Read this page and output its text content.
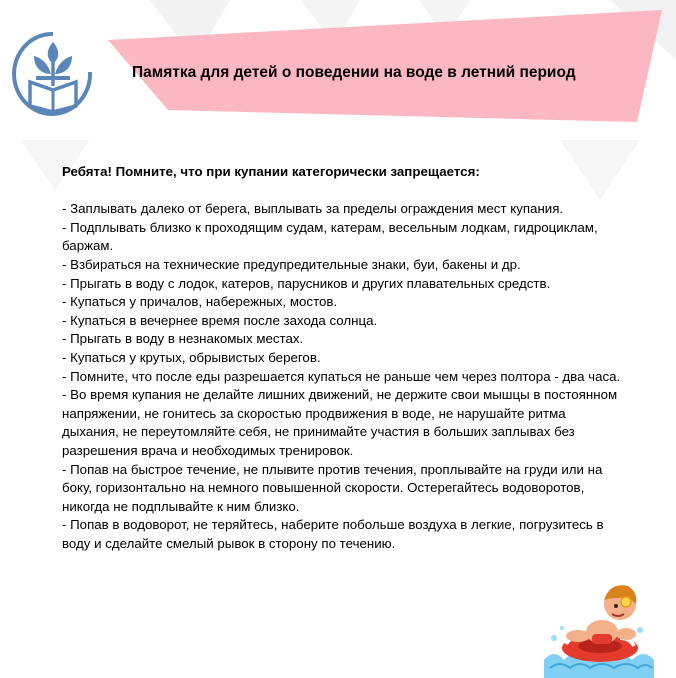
Памятка для детей о поведении на воде в летний период

Ребята! Помните, что при купании категорически запрещается:

- Заплывать далеко от берега, выплывать за пределы ограждения мест купания.

- Подплывать близко к проходящим судам, катерам, весельным лодкам, гидроциклам, баржам.

- Взбираться на технические предупредительные знаки, буи, бакены и др.

- Прыгать в воду с лодок, катеров, парусников и других плавательных средств.

- Купаться у причалов, набережных, мостов.

- Купаться в вечернее время после захода солнца.

- Прыгать в воду в незнакомых местах.

- Купаться у крутых, обрывистых берегов.

- Помните, что после еды разрешается купаться не раньше чем через полтора - два часа.

- Во время купания не делайте лишних движений, не держите свои мышцы в постоянном напряжении, не гонитесь за скоростью продвижения в воде, не нарушайте ритма дыхания, не переутомляйте себя, не принимайте участия в больших заплывах без разрешения врача и необходимых тренировок.

- Попав на быстрое течение, не плывите против течения, проплывайте на груди или на боку, горизонтально на немного повышенной скорости. Остерегайтесь водоворотов, никогда не подплывайте к ним близко.

- Попав в водоворот, не теряйтесь, наберите побольше воздуха в легкие, погрузитесь в воду и сделайте смелый рывок в сторону по течению.
